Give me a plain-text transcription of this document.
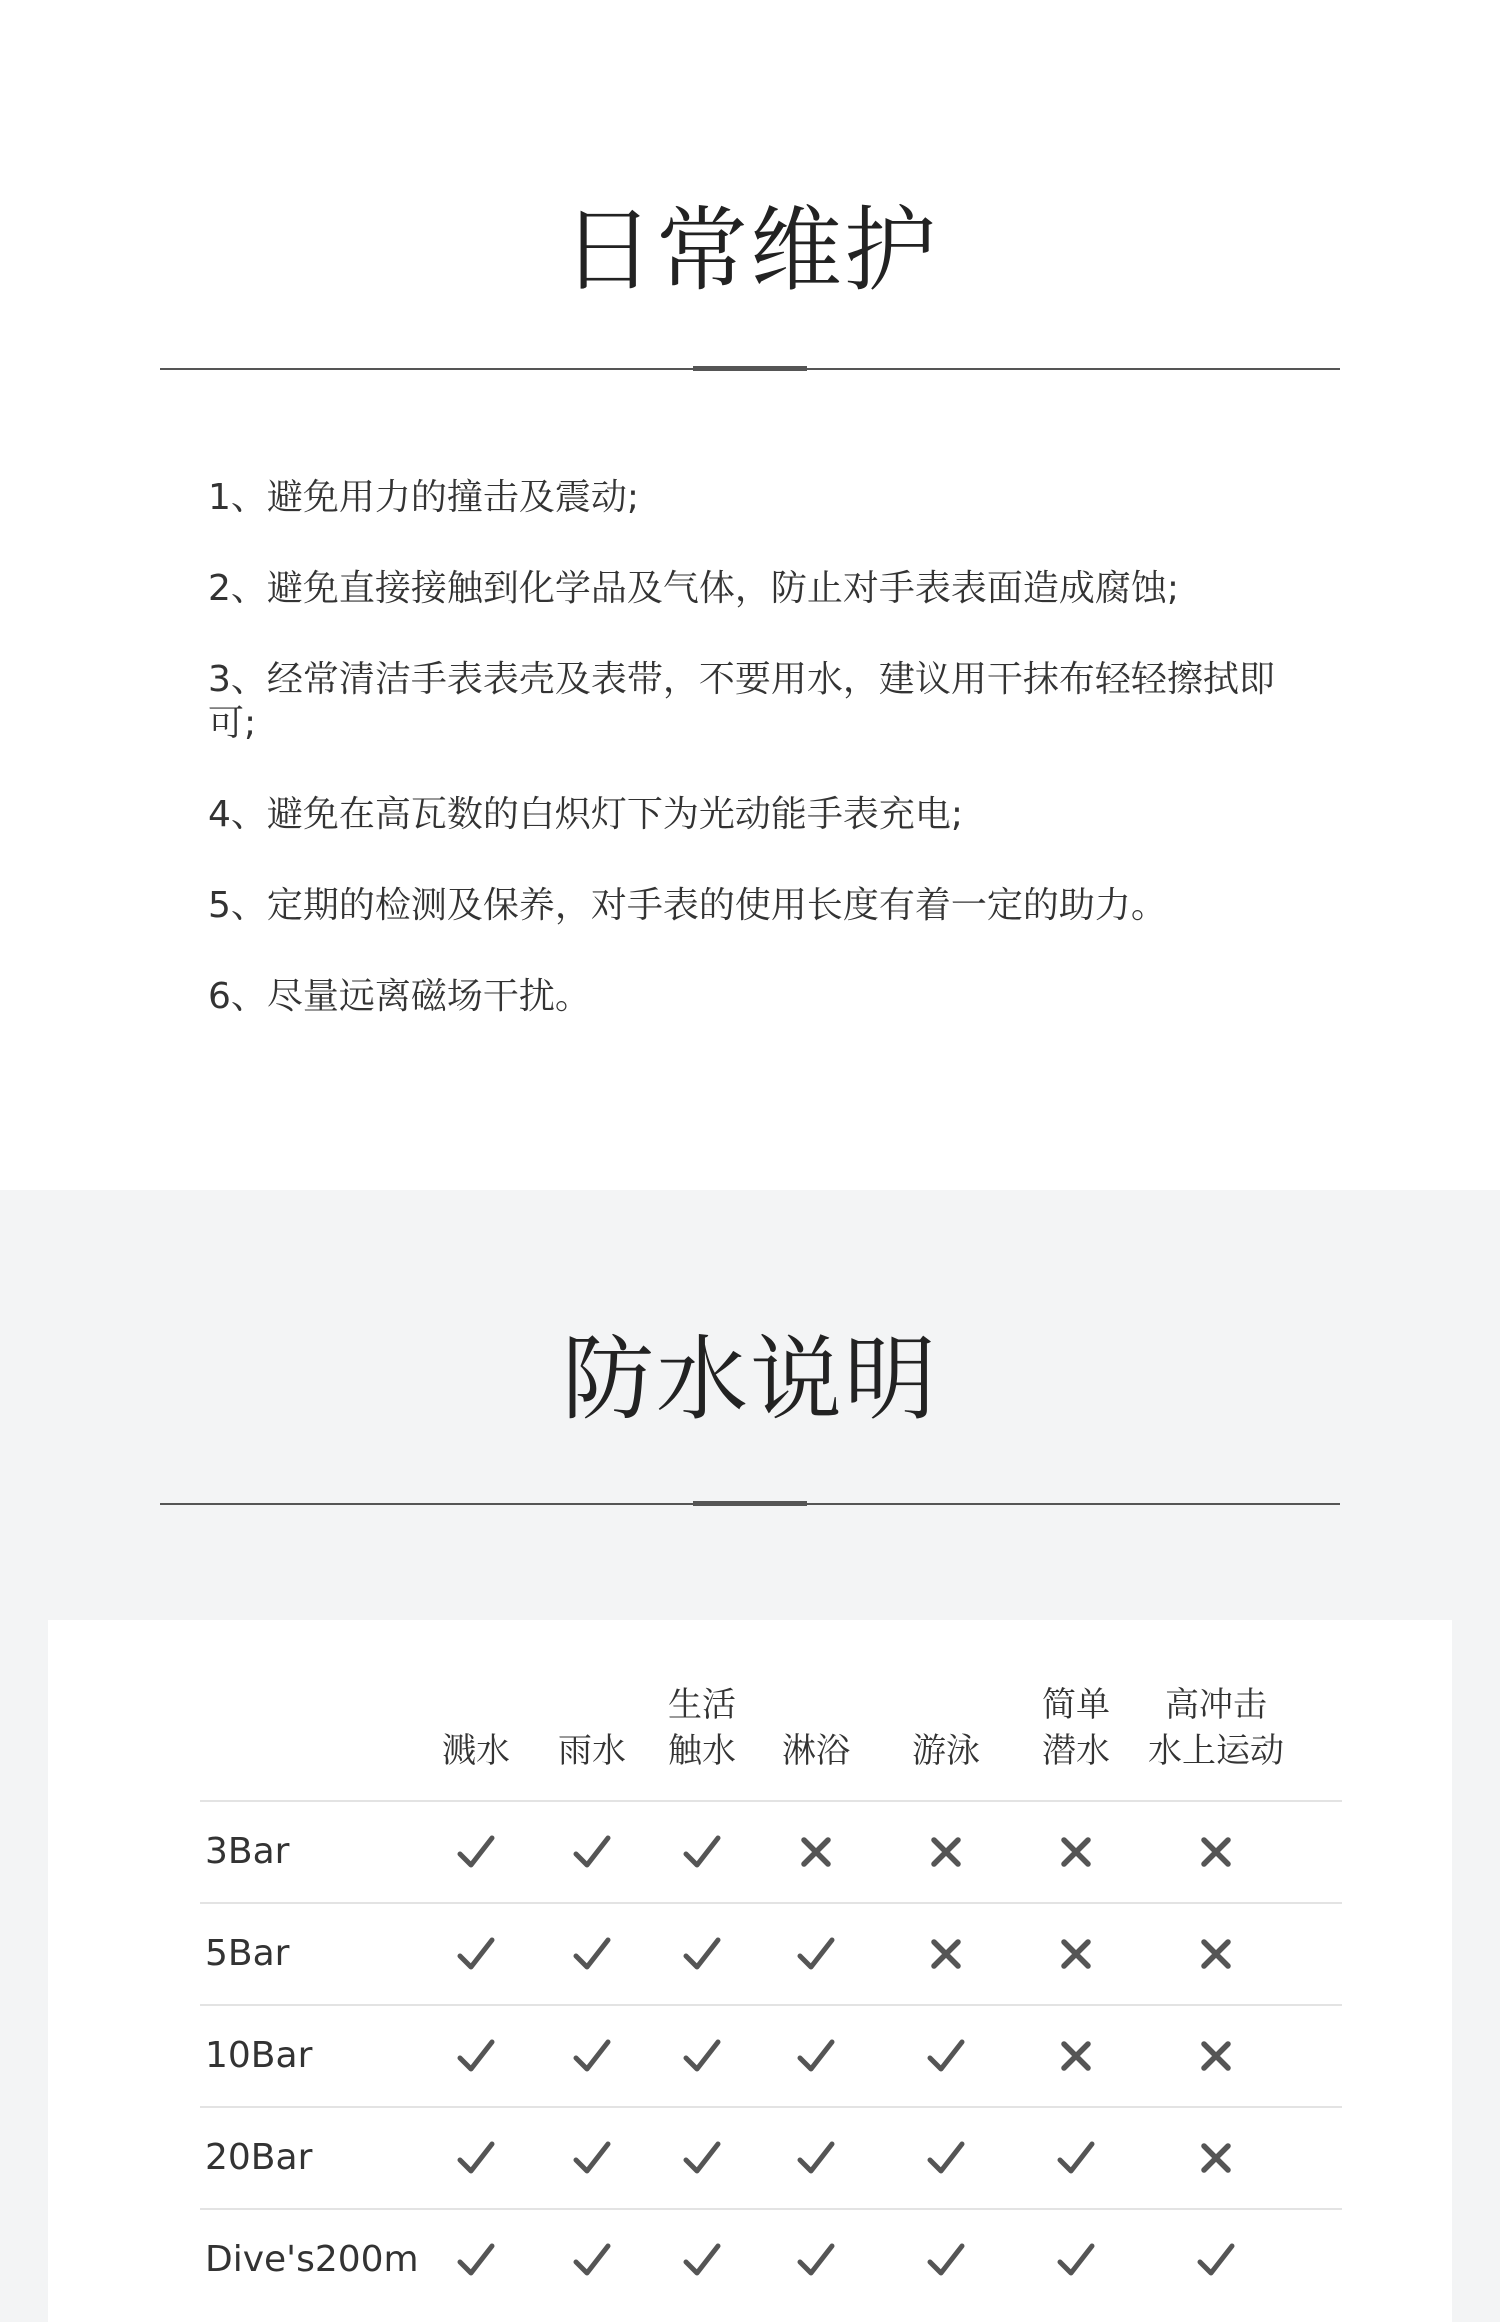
日常维护
1、避免用力的撞击及震动;
2、避免直接接触到化学品及气体，防止对手表表面造成腐蚀;
3、经常清洁手表表壳及表带，不要用水，建议用干抹布轻轻擦拭即可;
4、避免在高瓦数的白炽灯下为光动能手表充电;
5、定期的检测及保养，对手表的使用长度有着一定的助力。
6、尽量远离磁场干扰。
防水说明
溅水 雨水
生活
触水 淋浴 游泳
简单
潜水
高冲击
水上运动
3Bar
5Bar
10Bar
20Bar
Dive's200m
